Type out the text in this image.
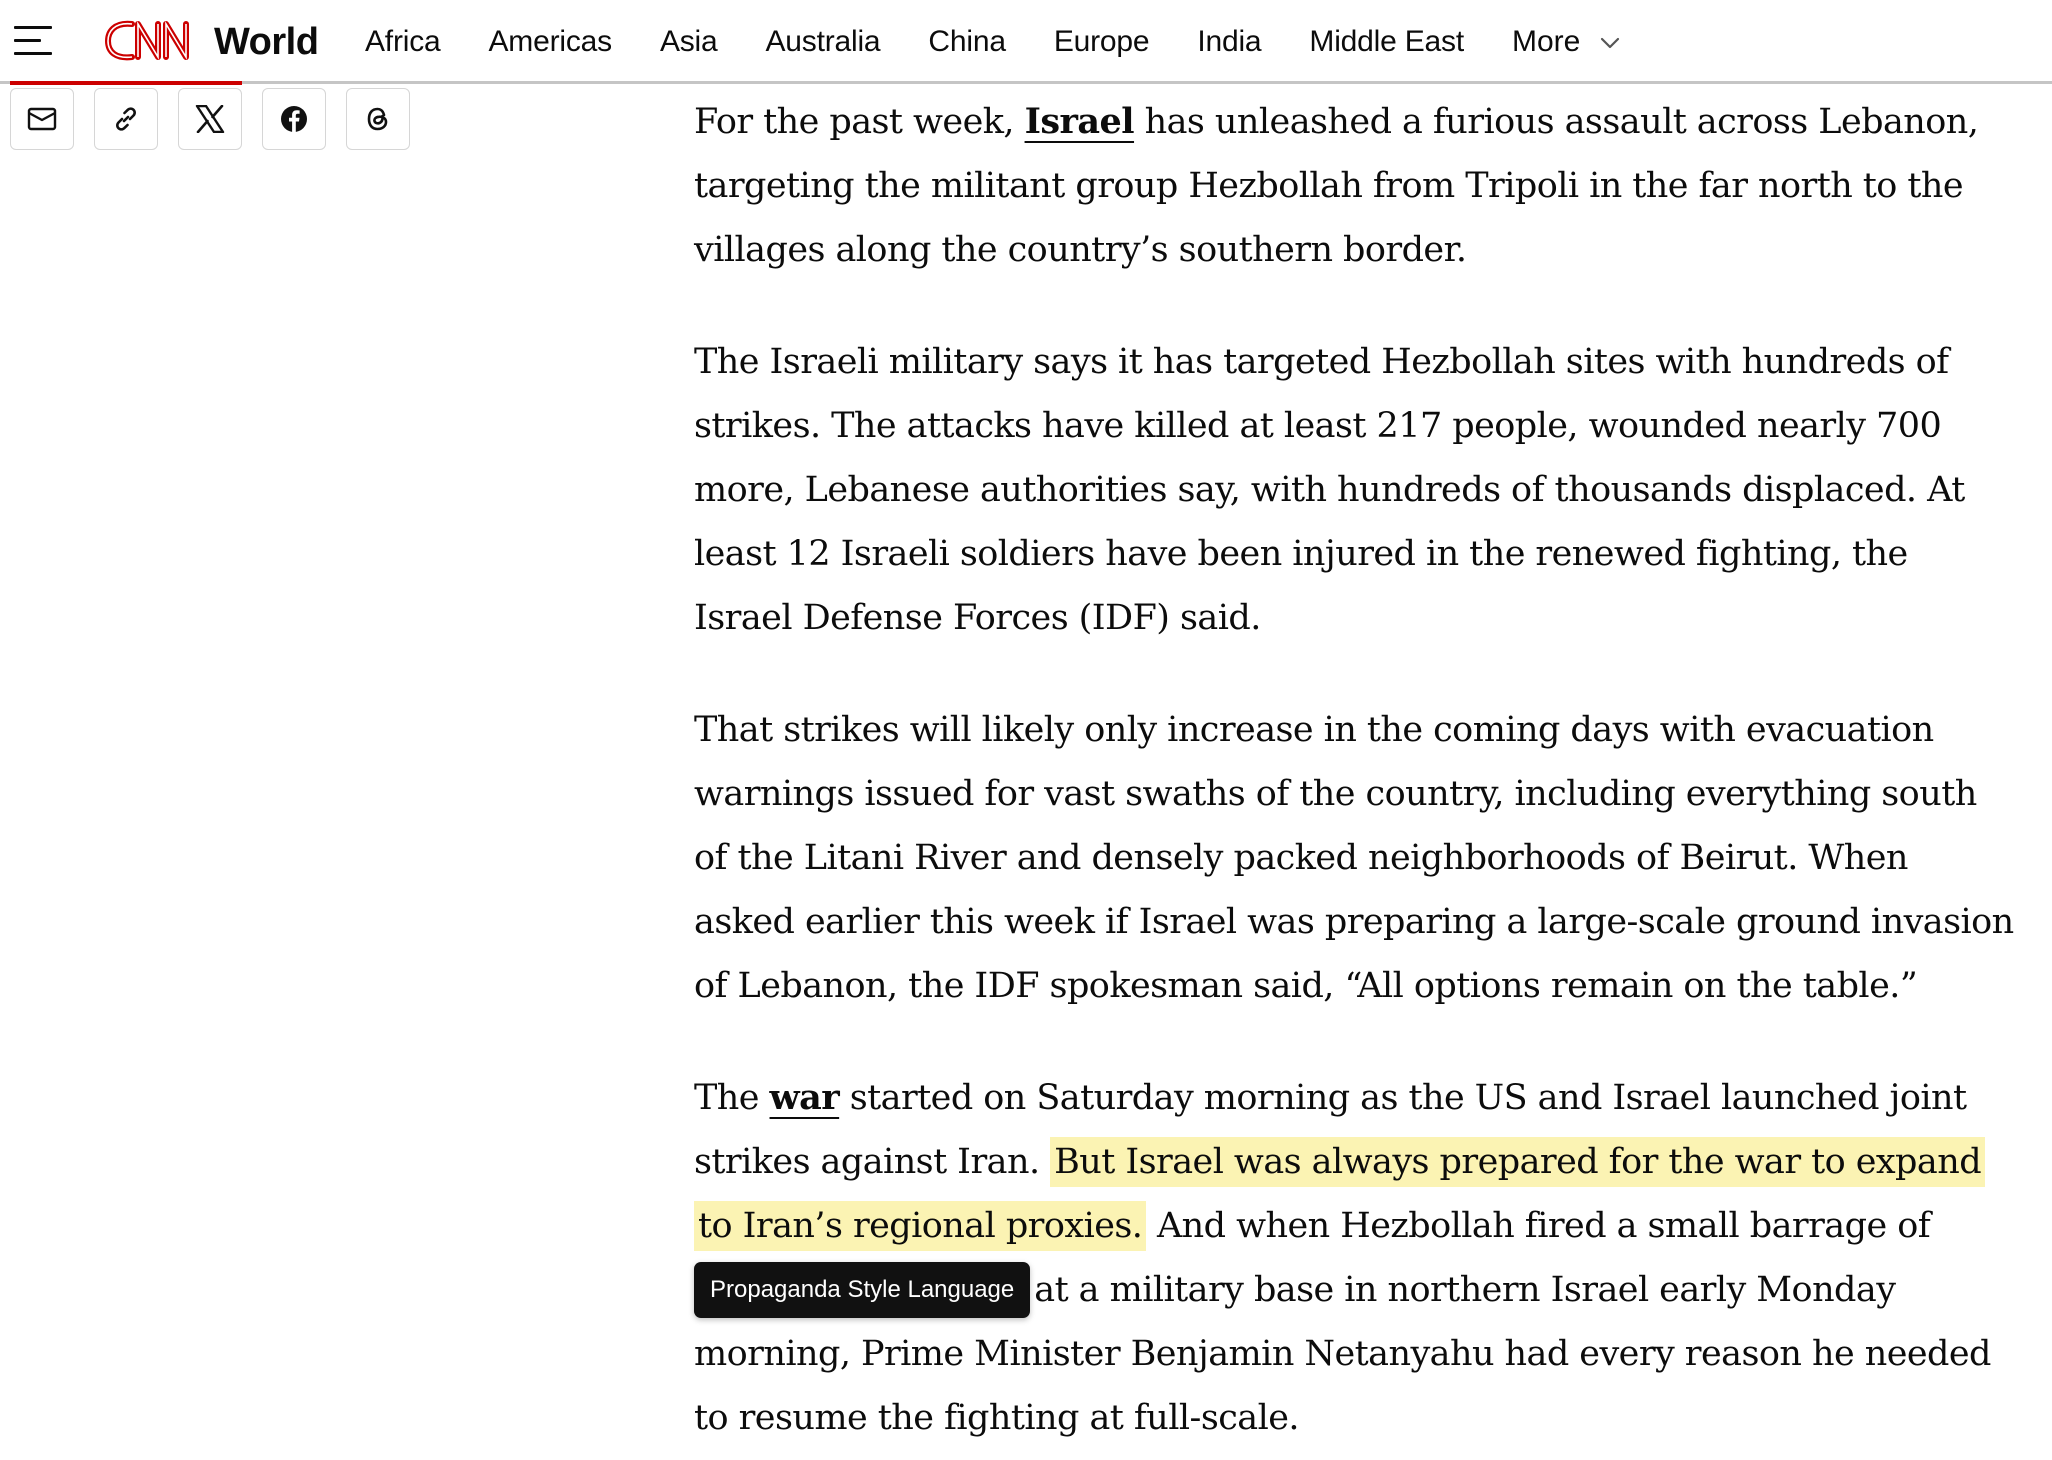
World Africa Americas Asia Australia China Europe India Middle East More

For the past week, Israel has unleashed a furious assault across Lebanon, targeting the militant group Hezbollah from Tripoli in the far north to the villages along the country’s southern border.

The Israeli military says it has targeted Hezbollah sites with hundreds of strikes. The attacks have killed at least 217 people, wounded nearly 700 more, Lebanese authorities say, with hundreds of thousands displaced. At least 12 Israeli soldiers have been injured in the renewed fighting, the Israel Defense Forces (IDF) said.

That strikes will likely only increase in the coming days with evacuation warnings issued for vast swaths of the country, including everything south of the Litani River and densely packed neighborhoods of Beirut. When asked earlier this week if Israel was preparing a large-scale ground invasion of Lebanon, the IDF spokesman said, “All options remain on the table.”

The war started on Saturday morning as the US and Israel launched joint strikes against Iran. But Israel was always prepared for the war to expand to Iran’s regional proxies. And when Hezbollah fired a small barrage of Propaganda Style Language at a military base in northern Israel early Monday morning, Prime Minister Benjamin Netanyahu had every reason he needed to resume the fighting at full-scale.
